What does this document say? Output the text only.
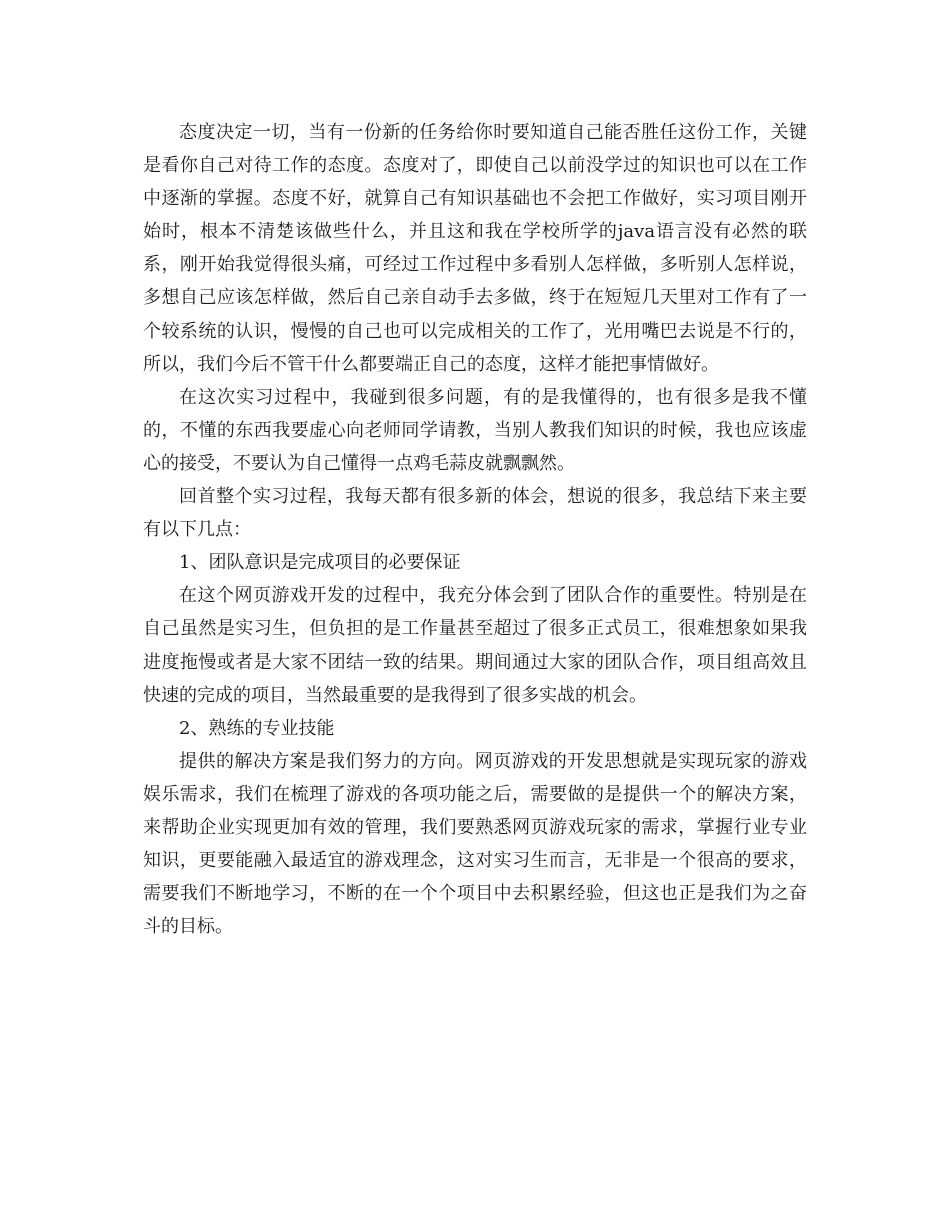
态度决定一切，当有一份新的任务给你时要知道自己能否胜任这份工作，关键是看你自己对待工作的态度。态度对了，即使自己以前没学过的知识也可以在工作中逐渐的掌握。态度不好，就算自己有知识基础也不会把工作做好，实习项目刚开始时，根本不清楚该做些什么，并且这和我在学校所学的java语言没有必然的联系，刚开始我觉得很头痛，可经过工作过程中多看别人怎样做，多听别人怎样说，多想自己应该怎样做，然后自己亲自动手去多做，终于在短短几天里对工作有了一个较系统的认识，慢慢的自己也可以完成相关的工作了，光用嘴巴去说是不行的，所以，我们今后不管干什么都要端正自己的态度，这样才能把事情做好。

在这次实习过程中，我碰到很多问题，有的是我懂得的，也有很多是我不懂的，不懂的东西我要虚心向老师同学请教，当别人教我们知识的时候，我也应该虚心的接受，不要认为自己懂得一点鸡毛蒜皮就飘飘然。

回首整个实习过程，我每天都有很多新的体会，想说的很多，我总结下来主要有以下几点：

1、团队意识是完成项目的必要保证

在这个网页游戏开发的过程中，我充分体会到了团队合作的重要性。特别是在自己虽然是实习生，但负担的是工作量甚至超过了很多正式员工，很难想象如果我进度拖慢或者是大家不团结一致的结果。期间通过大家的团队合作，项目组高效且快速的完成的项目，当然最重要的是我得到了很多实战的机会。

2、熟练的专业技能

提供的解决方案是我们努力的方向。网页游戏的开发思想就是实现玩家的游戏娱乐需求，我们在梳理了游戏的各项功能之后，需要做的是提供一个的解决方案，来帮助企业实现更加有效的管理，我们要熟悉网页游戏玩家的需求，掌握行业专业知识，更要能融入最适宜的游戏理念，这对实习生而言，无非是一个很高的要求，需要我们不断地学习，不断的在一个个项目中去积累经验，但这也正是我们为之奋斗的目标。
